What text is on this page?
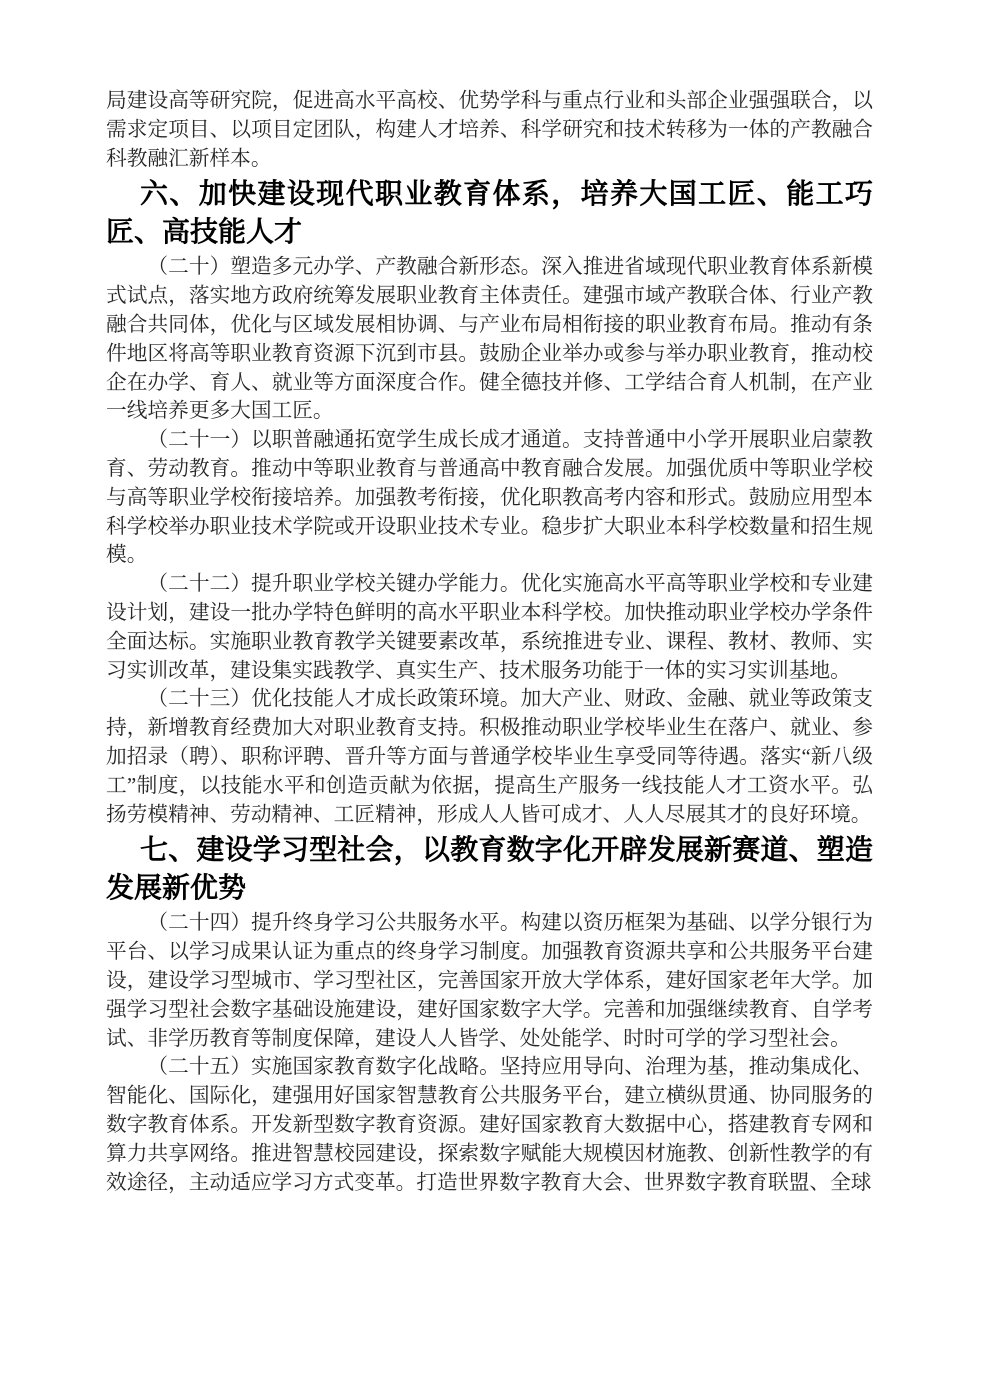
局建设高等研究院，促进高水平高校、优势学科与重点行业和头部企业强强联合，以需求定项目、以项目定团队，构建人才培养、科学研究和技术转移为一体的产教融合科教融汇新样本。

六、加快建设现代职业教育体系，培养大国工匠、能工巧匠、高技能人才

（二十）塑造多元办学、产教融合新形态。深入推进省域现代职业教育体系新模式试点，落实地方政府统筹发展职业教育主体责任。建强市域产教联合体、行业产教融合共同体，优化与区域发展相协调、与产业布局相衔接的职业教育布局。推动有条件地区将高等职业教育资源下沉到市县。鼓励企业举办或参与举办职业教育，推动校企在办学、育人、就业等方面深度合作。健全德技并修、工学结合育人机制，在产业一线培养更多大国工匠。

（二十一）以职普融通拓宽学生成长成才通道。支持普通中小学开展职业启蒙教育、劳动教育。推动中等职业教育与普通高中教育融合发展。加强优质中等职业学校与高等职业学校衔接培养。加强教考衔接，优化职教高考内容和形式。鼓励应用型本科学校举办职业技术学院或开设职业技术专业。稳步扩大职业本科学校数量和招生规模。

（二十二）提升职业学校关键办学能力。优化实施高水平高等职业学校和专业建设计划，建设一批办学特色鲜明的高水平职业本科学校。加快推动职业学校办学条件全面达标。实施职业教育教学关键要素改革，系统推进专业、课程、教材、教师、实习实训改革，建设集实践教学、真实生产、技术服务功能于一体的实习实训基地。

（二十三）优化技能人才成长政策环境。加大产业、财政、金融、就业等政策支持，新增教育经费加大对职业教育支持。积极推动职业学校毕业生在落户、就业、参加招录（聘）、职称评聘、晋升等方面与普通学校毕业生享受同等待遇。落实“新八级工”制度，以技能水平和创造贡献为依据，提高生产服务一线技能人才工资水平。弘扬劳模精神、劳动精神、工匠精神，形成人人皆可成才、人人尽展其才的良好环境。

七、建设学习型社会，以教育数字化开辟发展新赛道、塑造发展新优势

（二十四）提升终身学习公共服务水平。构建以资历框架为基础、以学分银行为平台、以学习成果认证为重点的终身学习制度。加强教育资源共享和公共服务平台建设，建设学习型城市、学习型社区，完善国家开放大学体系，建好国家老年大学。加强学习型社会数字基础设施建设，建好国家数字大学。完善和加强继续教育、自学考试、非学历教育等制度保障，建设人人皆学、处处能学、时时可学的学习型社会。

（二十五）实施国家教育数字化战略。坚持应用导向、治理为基，推动集成化、智能化、国际化，建强用好国家智慧教育公共服务平台，建立横纵贯通、协同服务的数字教育体系。开发新型数字教育资源。建好国家教育大数据中心，搭建教育专网和算力共享网络。推进智慧校园建设，探索数字赋能大规模因材施教、创新性教学的有效途径，主动适应学习方式变革。打造世界数字教育大会、世界数字教育联盟、全球
